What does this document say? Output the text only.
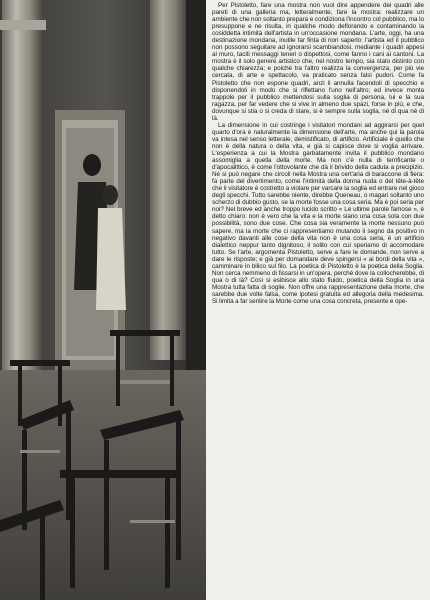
Per Pistoletto, fare una mostra non vuol dire appendere dei quadri alle pareti di una galleria ma, letteralmente, fare la mostra: realizzare un ambiente che non soltanto prepara e condiziona l'incontro col pubblico, ma lo presuppone e ne risulta, in qualche modo deflorando e contaminando la cosiddetta intimità dell'artista in un'occasione mondana. L'arte, oggi, ha una destinazione mondana, inutile far finta di non saperlo: l'artista ed il pubblico non possono seguitare ad ignorarsi scambiandosi, mediante i quadri appesi al muro, taciti messaggi teneri o dispettosi, come fanno i cani ai cantoni. La mostra è il solo genere artistico che, nel nostro tempo, sia stato distinto con qualche chiarezza; e poiché tra l'altro realizza la convergenza, per più vie cercata, di arte e spettacolo, va praticato senza falsi pudori. Come fa Pistoletto che non espone quadri, anzi li annulla facendoli di specchio e disponendoli in modo che si riflettano l'uno nell'altro; ed invece monta trappole per il pubblico mettendosi sulla soglia di persona, lui e la sua ragazza, per far vedere che si vive in almeno due spazi, forse in più, e che, dovunque si stia o si creda di stare, si è sempre sulla soglia, né di qua né di là.

La dimensione in cui costringe i visitatori mondani ad aggirarsi per quel quarto d'ora è naturalmente la dimensione dell'arte, ma anche qui la parola va intesa nel senso letterale, demistificato, di artificio. Artificiale è quello che non è della natura o della vita, e già si capisce dove si voglia arrivare. L'esperienza a cui la Mostra garbatamente invita il pubblico mondano assomiglia a quella della morte. Ma non c'è nulla di terrificante o d'apocalittico, è come l'ottovolante che dà il brivido della caduta a precipizio. Né si può negare che circoli nella Mostra una cert'aria di baraccone di fiera: fa parte del divertimento, come l'intimità della donna nuda o del tête-à-tête che il visitatore è costretto a violare per varcare la soglia ed entrare nel gioco degli specchi. Tutto sarebbe niente, direbbe Queneau, o magari soltanto uno scherzo di dubbio gusto, se la morte fosse una cosa seria. Ma è poi seria per noi? Nel breve ed anche troppo lucido scritto « Le ultime parole famose », è detto chiaro: non è vero che la vita e la morte siano una cosa sola con due possibilità, sono due cose. Che cosa sia veramente la morte nessuno può sapere, ma la morte che ci rappresentiamo mutando il segno da positivo in negativo davanti alle cose della vita non è una cosa seria, è un artificio dialettico neppur tanto dignitoso, il solito con cui speriamo di accomodare tutto. Se l'arte, argomenta Pistoletto, serve a fare le domande, non serve a dare le risposte; e già per domandare deve spingersi « ai bordi della vita », camminare in bilico sul filo. La poetica di Pistoletto è la poetica della Soglia. Non cerca nemmeno di fissarsi in un'opera, perché dove la collocherebbe, di qua o di là? Così si esibisce allo stato fluido, poetica della Soglia in una Mostra tutta fatta di soglie. Non offre una rappresentazione della morte, che sarebbe due volte falsa, come ipotesi gratuita ed allegoria della medesima. Si limita a far sentire la Morte come una cosa concreta, presente e ope-
